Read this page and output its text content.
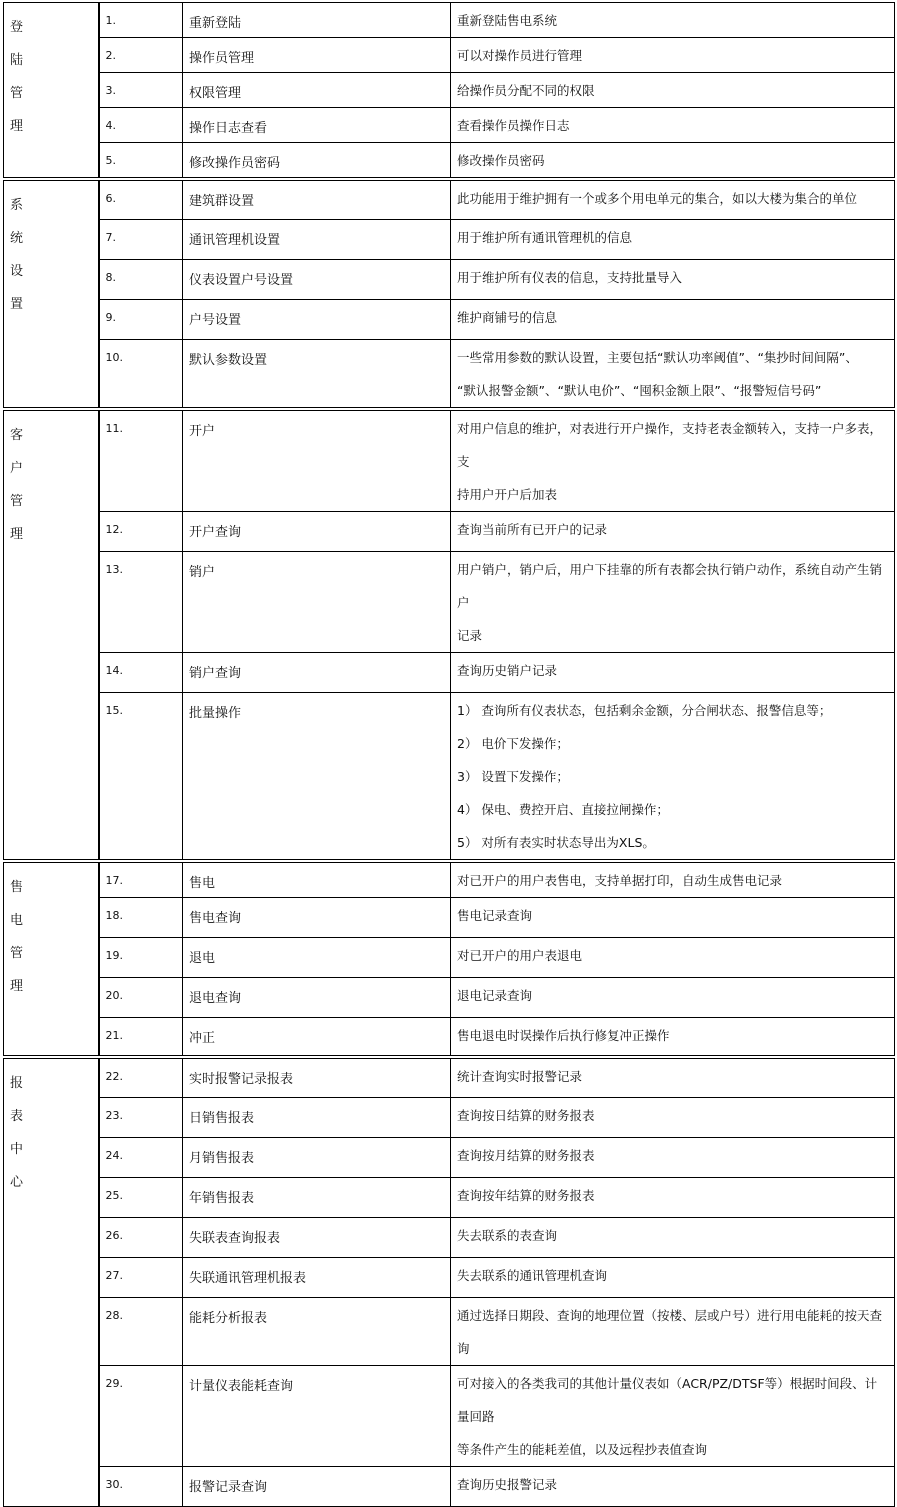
登
陆
管
理	1.	重新登陆	重新登陆售电系统

	2.	操作员管理	可以对操作员进行管理

	3.	权限管理	给操作员分配不同的权限

	4.	操作日志查看	查看操作员操作日志

	5.	修改操作员密码	修改操作员密码

系
统
设
置	6.	建筑群设置	此功能用于维护拥有一个或多个用电单元的集合，如以大楼为集合的单位

	7.	通讯管理机设置	用于维护所有通讯管理机的信息

	8.	仪表设置户号设置	用于维护所有仪表的信息，支持批量导入

	9.	户号设置	维护商铺号的信息

	10.	默认参数设置	一些常用参数的默认设置，主要包括“默认功率阈值”、“集抄时间间隔”、
“默认报警金额”、“默认电价”、“囤积金额上限”、“报警短信号码”

客
户
管
理	11.	开户	对用户信息的维护，对表进行开户操作，支持老表金额转入，支持一户多表，支
持用户开户后加表

	12.	开户查询	查询当前所有已开户的记录

	13.	销户	用户销户，销户后，用户下挂靠的所有表都会执行销户动作，系统自动产生销户
记录

	14.	销户查询	查询历史销户记录

	15.	批量操作	1） 查询所有仪表状态，包括剩余金额，分合闸状态、报警信息等；
2） 电价下发操作；
3） 设置下发操作；
4） 保电、费控开启、直接拉闸操作；
5） 对所有表实时状态导出为XLS。

售
电
管
理	17.	售电	对已开户的用户表售电，支持单据打印，自动生成售电记录

	18.	售电查询	售电记录查询

	19.	退电	对已开户的用户表退电

	20.	退电查询	退电记录查询

	21.	冲正	售电退电时误操作后执行修复冲正操作

报
表
中
心	22.	实时报警记录报表	统计查询实时报警记录

	23.	日销售报表	查询按日结算的财务报表

	24.	月销售报表	查询按月结算的财务报表

	25.	年销售报表	查询按年结算的财务报表

	26.	失联表查询报表	失去联系的表查询

	27.	失联通讯管理机报表	失去联系的通讯管理机查询

	28.	能耗分析报表	通过选择日期段、查询的地理位置（按楼、层或户号）进行用电能耗的按天查询

	29.	计量仪表能耗查询	可对接入的各类我司的其他计量仪表如（ACR/PZ/DTSF等）根据时间段、计量回路
等条件产生的能耗差值，以及远程抄表值查询

	30.	报警记录查询	查询历史报警记录
